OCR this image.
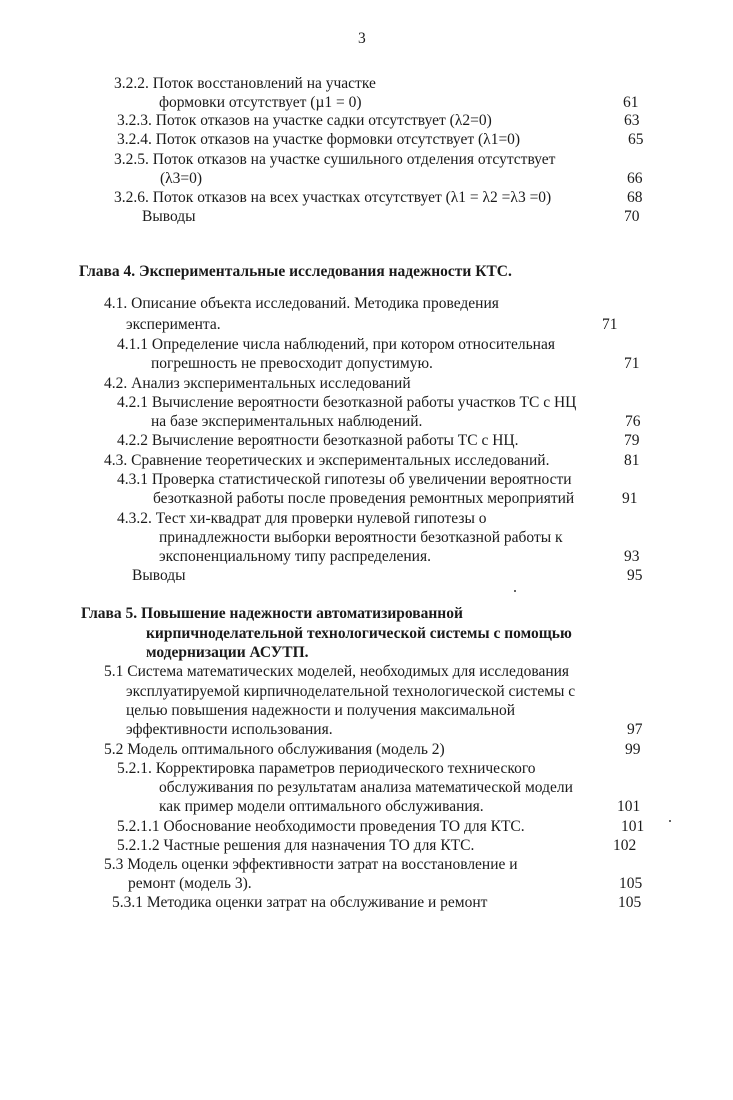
3
3.2.2. Поток восстановлений на участке
формовки отсутствует (µ1 = 0)	61
3.2.3. Поток отказов на участке садки отсутствует (λ2=0)	63
3.2.4. Поток отказов на участке формовки отсутствует (λ1=0)	65
3.2.5. Поток отказов на участке сушильного отделения отсутствует
(λ3=0)	66
3.2.6. Поток отказов на всех участках отсутствует (λ1 = λ2 =λ3 =0)	68
Выводы	70
Глава 4. Экспериментальные исследования надежности КТС.
4.1. Описание объекта исследований. Методика проведения
эксперимента.	71
4.1.1 Определение числа наблюдений, при котором относительная
погрешность не превосходит допустимую.	71
4.2. Анализ экспериментальных исследований
4.2.1 Вычисление вероятности безотказной работы участков ТС с НЦ
на базе экспериментальных наблюдений.	76
4.2.2 Вычисление вероятности безотказной работы ТС с НЦ.	79
4.3. Сравнение теоретических и экспериментальных исследований.	81
4.3.1 Проверка статистической гипотезы об увеличении вероятности
безотказной работы после проведения ремонтных мероприятий	91
4.3.2. Тест хи-квадрат для проверки нулевой гипотезы о
принадлежности выборки вероятности безотказной работы к
экспоненциальному типу распределения.	93
Выводы	95
Глава 5. Повышение надежности автоматизированной
кирпичноделательной технологической системы с помощью
модернизации АСУТП.
5.1 Система математических моделей, необходимых для исследования
эксплуатируемой кирпичноделательной технологической системы с
целью повышения надежности и получения максимальной
эффективности использования.	97
5.2 Модель оптимального обслуживания (модель 2)	99
5.2.1. Корректировка параметров периодического технического
обслуживания по результатам анализа математической модели
как пример модели оптимального обслуживания.	101
5.2.1.1 Обоснование необходимости проведения ТО для КТС.	101
5.2.1.2 Частные решения для назначения ТО для КТС.	102
5.3 Модель оценки эффективности затрат на восстановление и
ремонт (модель 3).	105
5.3.1 Методика оценки затрат на обслуживание и ремонт	105
